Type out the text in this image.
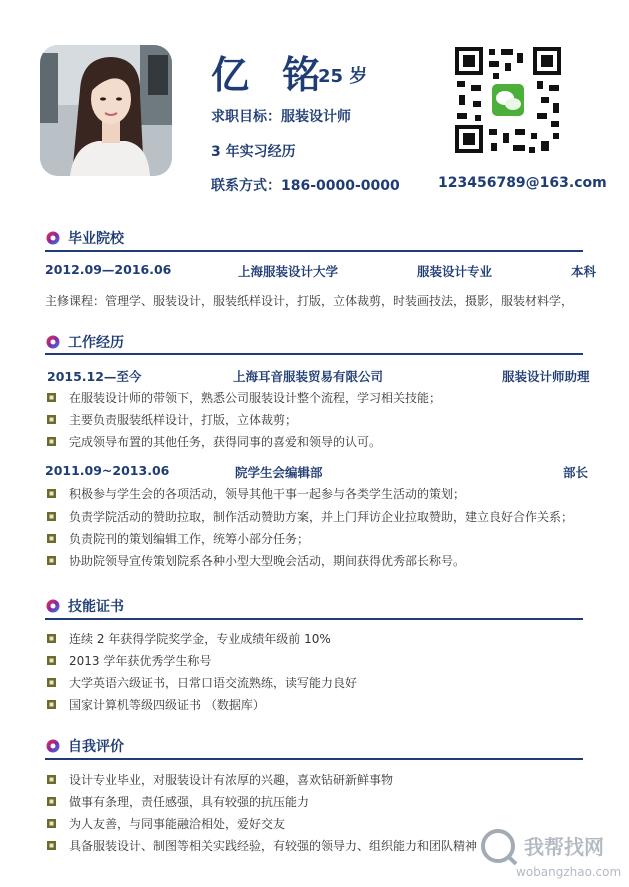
亿 铭
25 岁
求职目标：服装设计师
3 年实习经历
联系方式：186-0000-0000	123456789@163.com
毕业院校
2012.09—2016.06	上海服装设计大学	服装设计专业	本科
主修课程：管理学、服装设计，服装纸样设计，打版，立体裁剪，时装画技法，摄影，服装材料学，
工作经历
2015.12—至今	上海耳音服装贸易有限公司	服装设计师助理
在服装设计师的带领下，熟悉公司服装设计整个流程，学习相关技能；
主要负责服装纸样设计，打版，立体裁剪；
完成领导布置的其他任务，获得同事的喜爱和领导的认可。
2011.09~2013.06	院学生会编辑部	部长
积极参与学生会的各项活动，领导其他干事一起参与各类学生活动的策划；
负责学院活动的赞助拉取，制作活动赞助方案，并上门拜访企业拉取赞助，建立良好合作关系；
负责院刊的策划编辑工作，统筹小部分任务；
协助院领导宣传策划院系各种小型大型晚会活动，期间获得优秀部长称号。
技能证书
连续 2 年获得学院奖学金，专业成绩年级前 10%
2013 学年获优秀学生称号
大学英语六级证书，日常口语交流熟练，读写能力良好
国家计算机等级四级证书 （数据库）
自我评价
设计专业毕业，对服装设计有浓厚的兴趣，喜欢钻研新鲜事物
做事有条理，责任感强，具有较强的抗压能力
为人友善，与同事能融洽相处，爱好交友
具备服装设计、制图等相关实践经验，有较强的领导力、组织能力和团队精神 我帮找网
wobangzhao.com
